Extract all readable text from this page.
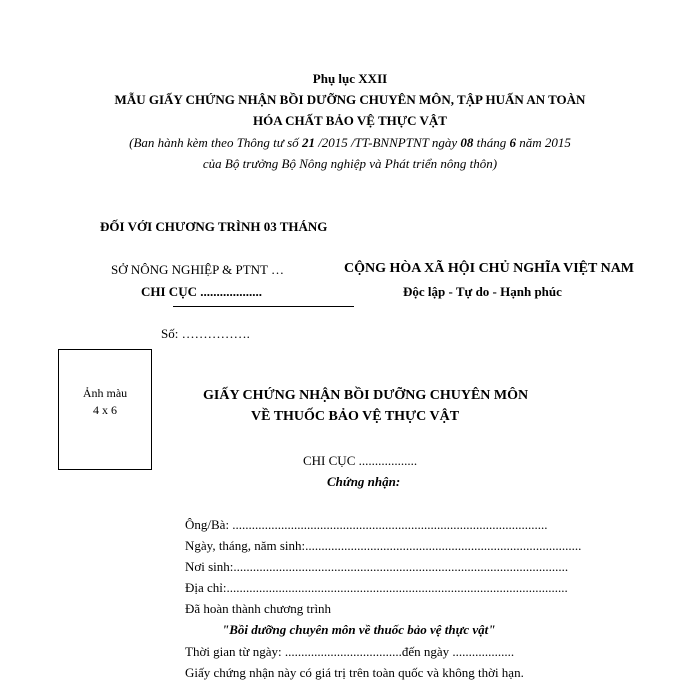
Phụ lục XXII
MẪU GIẤY CHỨNG NHẬN BỒI DƯỠNG CHUYÊN MÔN, TẬP HUẤN AN TOÀN
HÓA CHẤT BẢO VỆ THỰC VẬT
(Ban hành kèm theo Thông tư số 21 /2015 /TT-BNNPTNT ngày 08 tháng 6 năm 2015
của Bộ trưởng Bộ Nông nghiệp và Phát triển nông thôn)
ĐỐI VỚI CHƯƠNG TRÌNH 03 THÁNG
SỞ NÔNG NGHIỆP & PTNT …
CHI CỤC ...................
Số: …………….
CỘNG HÒA XÃ HỘI CHỦ NGHĨA VIỆT NAM
Độc lập - Tự do - Hạnh phúc
Ảnh màu
4 x 6
GIẤY CHỨNG NHẬN BỒI DƯỠNG CHUYÊN MÔN
VỀ THUỐC BẢO VỆ THỰC VẬT
CHI CỤC ..................
Chứng nhận:
Ông/Bà: .................................................................................................
Ngày, tháng, năm sinh:.....................................................................................
Nơi sinh:.......................................................................................................
Địa chỉ:.........................................................................................................
Đã hoàn thành chương trình
"Bồi dưỡng chuyên môn về thuốc bảo vệ thực vật"
Thời gian từ ngày: ....................................đến ngày ...................
Giấy chứng nhận này có giá trị trên toàn quốc và không thời hạn.
